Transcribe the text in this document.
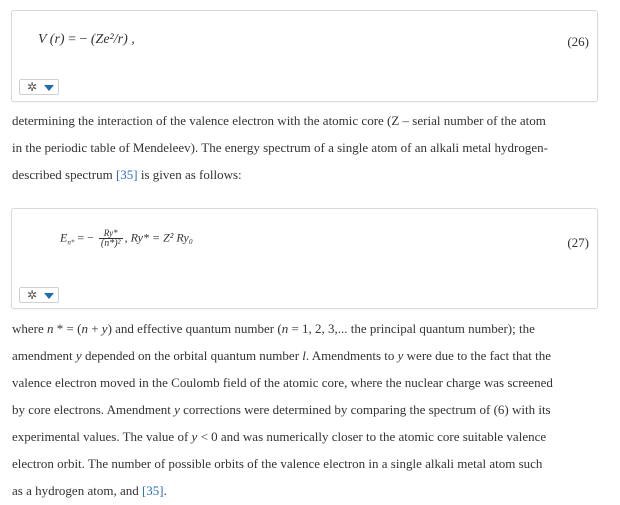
V (r) = − (Ze²/r) ,	(26)
✲
determining the interaction of the valence electron with the atomic core (Z – serial number of the atom
in the periodic table of Mendeleev). The energy spectrum of a single atom of an alkali metal hydrogen-
described spectrum [35] is given as follows:
$E_{n*}$ = − $\frac{Ry*}{\text{(n*)²}}$ , Ry* = Z² Ry₀	(27)
✲
where n * = (n + y) and effective quantum number (n = 1, 2, 3,... the principal quantum number); the
amendment y depended on the orbital quantum number l. Amendments to y were due to the fact that the
valence electron moved in the Coulomb field of the atomic core, where the nuclear charge was screened
by core electrons. Amendment y corrections were determined by comparing the spectrum of (6) with its
experimental values. The value of y < 0 and was numerically closer to the atomic core suitable valence
electron orbit. The number of possible orbits of the valence electron in a single alkali metal atom such
as a hydrogen atom, and [35].
